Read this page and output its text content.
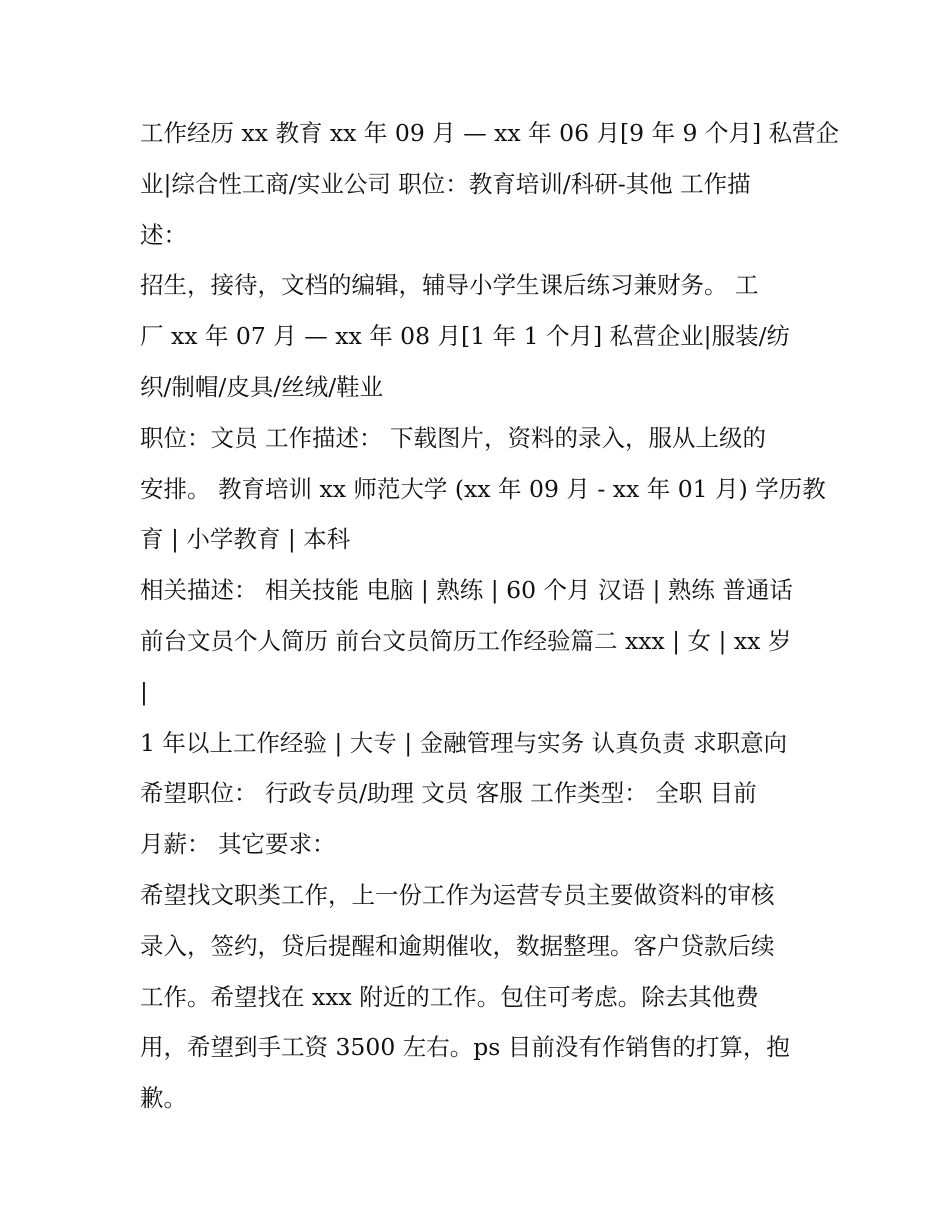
工作经历 xx 教育 xx 年 09 月 — xx 年 06 月[9 年 9 个月] 私营企
业|综合性工商/实业公司 职位：教育培训/科研-其他 工作描
述：
招生，接待，文档的编辑，辅导小学生课后练习兼财务。 工
厂 xx 年 07 月 — xx 年 08 月[1 年 1 个月] 私营企业|服装/纺
织/制帽/皮具/丝绒/鞋业
职位：文员 工作描述： 下载图片，资料的录入，服从上级的
安排。 教育培训 xx 师范大学 (xx 年 09 月 - xx 年 01 月) 学历教
育 | 小学教育 | 本科
相关描述： 相关技能 电脑 | 熟练 | 60 个月 汉语 | 熟练 普通话
前台文员个人简历 前台文员简历工作经验篇二 xxx | 女 | xx 岁
|
1 年以上工作经验 | 大专 | 金融管理与实务 认真负责 求职意向
希望职位： 行政专员/助理 文员 客服 工作类型： 全职 目前
月薪： 其它要求：
希望找文职类工作，上一份工作为运营专员主要做资料的审核
录入，签约，贷后提醒和逾期催收，数据整理。客户贷款后续
工作。希望找在 xxx 附近的工作。包住可考虑。除去其他费
用，希望到手工资 3500 左右。ps 目前没有作销售的打算，抱
歉。
